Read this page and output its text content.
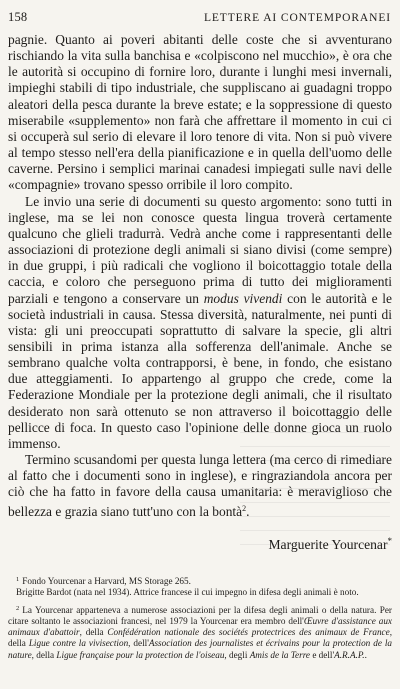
158	LETTERE AI CONTEMPORANEI

pagnie. Quanto ai poveri abitanti delle coste che si avventurano rischiando la vita sulla banchisa e «colpiscono nel mucchio», è ora che le autorità si occupino di fornire loro, durante i lunghi mesi invernali, impieghi stabili di tipo industriale, che suppliscano ai guadagni troppo aleatori della pesca durante la breve estate; e la soppressione di questo miserabile «supplemento» non farà che affrettare il momento in cui ci si occuperà sul serio di elevare il loro tenore di vita. Non si può vivere al tempo stesso nell'era della pianificazione e in quella dell'uomo delle caverne. Persino i semplici marinai canadesi impiegati sulle navi delle «compagnie» trovano spesso orribile il loro compito.

Le invio una serie di documenti su questo argomento: sono tutti in inglese, ma se lei non conosce questa lingua troverà certamente qualcuno che glieli tradurrà. Vedrà anche come i rappresentanti delle associazioni di protezione degli animali si siano divisi (come sempre) in due gruppi, i più radicali che vogliono il boicottaggio totale della caccia, e coloro che perseguono prima di tutto dei miglioramenti parziali e tengono a conservare un modus vivendi con le autorità e le società industriali in causa. Stessa diversità, naturalmente, nei punti di vista: gli uni preoccupati soprattutto di salvare la specie, gli altri sensibili in prima istanza alla sofferenza dell'animale. Anche se sembrano qualche volta contrapporsi, è bene, in fondo, che esistano due atteggiamenti. Io appartengo al gruppo che crede, come la Federazione Mondiale per la protezione degli animali, che il risultato desiderato non sarà ottenuto se non attraverso il boicottaggio delle pellicce di foca. In questo caso l'opinione delle donne gioca un ruolo immenso.

Termino scusandomi per questa lunga lettera (ma cerco di rimediare al fatto che i documenti sono in inglese), e ringraziandola ancora per ciò che ha fatto in favore della causa umanitaria: è meraviglioso che bellezza e grazia siano tutt'uno con la bontà$^2$.

Marguerite Yourcenar*

$^1$ Fondo Yourcenar a Harvard, MS Storage 265.
Brigitte Bardot (nata nel 1934). Attrice francese il cui impegno in difesa degli animali è noto.

$^2$ La Yourcenar apparteneva a numerose associazioni per la difesa degli animali o della natura. Per citare soltanto le associazioni francesi, nel 1979 la Yourcenar era membro dell'Œuvre d'assistance aux animaux d'abattoir, della Confédération nationale des sociétés protectrices des animaux de France, della Ligue contre la vivisection, dell'Association des journalistes et écrivains pour la protection de la nature, della Ligue française pour la protection de l'oiseau, degli Amis de la Terre e dell'A.R.A.P..
